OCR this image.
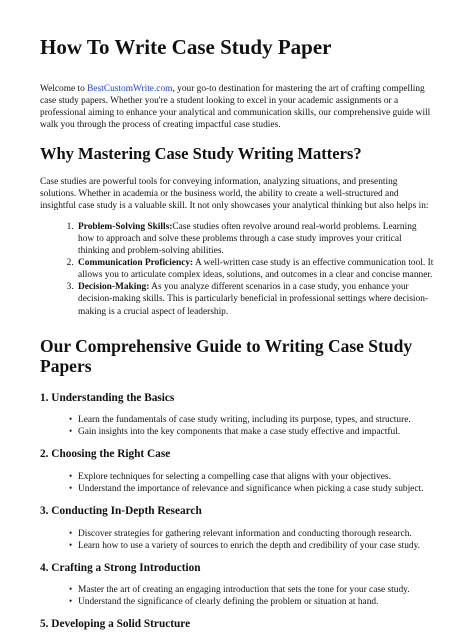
How To Write Case Study Paper

Welcome to BestCustomWrite.com, your go-to destination for mastering the art of crafting compelling case study papers. Whether you're a student looking to excel in your academic assignments or a professional aiming to enhance your analytical and communication skills, our comprehensive guide will walk you through the process of creating impactful case studies.

Why Mastering Case Study Writing Matters?

Case studies are powerful tools for conveying information, analyzing situations, and presenting solutions. Whether in academia or the business world, the ability to create a well-structured and insightful case study is a valuable skill. It not only showcases your analytical thinking but also helps in:

1. Problem-Solving Skills:Case studies often revolve around real-world problems. Learning how to approach and solve these problems through a case study improves your critical thinking and problem-solving abilities.
2. Communication Proficiency: A well-written case study is an effective communication tool. It allows you to articulate complex ideas, solutions, and outcomes in a clear and concise manner.
3. Decision-Making: As you analyze different scenarios in a case study, you enhance your decision-making skills. This is particularly beneficial in professional settings where decision-making is a crucial aspect of leadership.
Our Comprehensive Guide to Writing Case Study Papers
1. Understanding the Basics
• Learn the fundamentals of case study writing, including its purpose, types, and structure.
• Gain insights into the key components that make a case study effective and impactful.
2. Choosing the Right Case
• Explore techniques for selecting a compelling case that aligns with your objectives.
• Understand the importance of relevance and significance when picking a case study subject.
3. Conducting In-Depth Research
• Discover strategies for gathering relevant information and conducting thorough research.
• Learn how to use a variety of sources to enrich the depth and credibility of your case study.
4. Crafting a Strong Introduction
• Master the art of creating an engaging introduction that sets the tone for your case study.
• Understand the significance of clearly defining the problem or situation at hand.
5. Developing a Solid Structure
